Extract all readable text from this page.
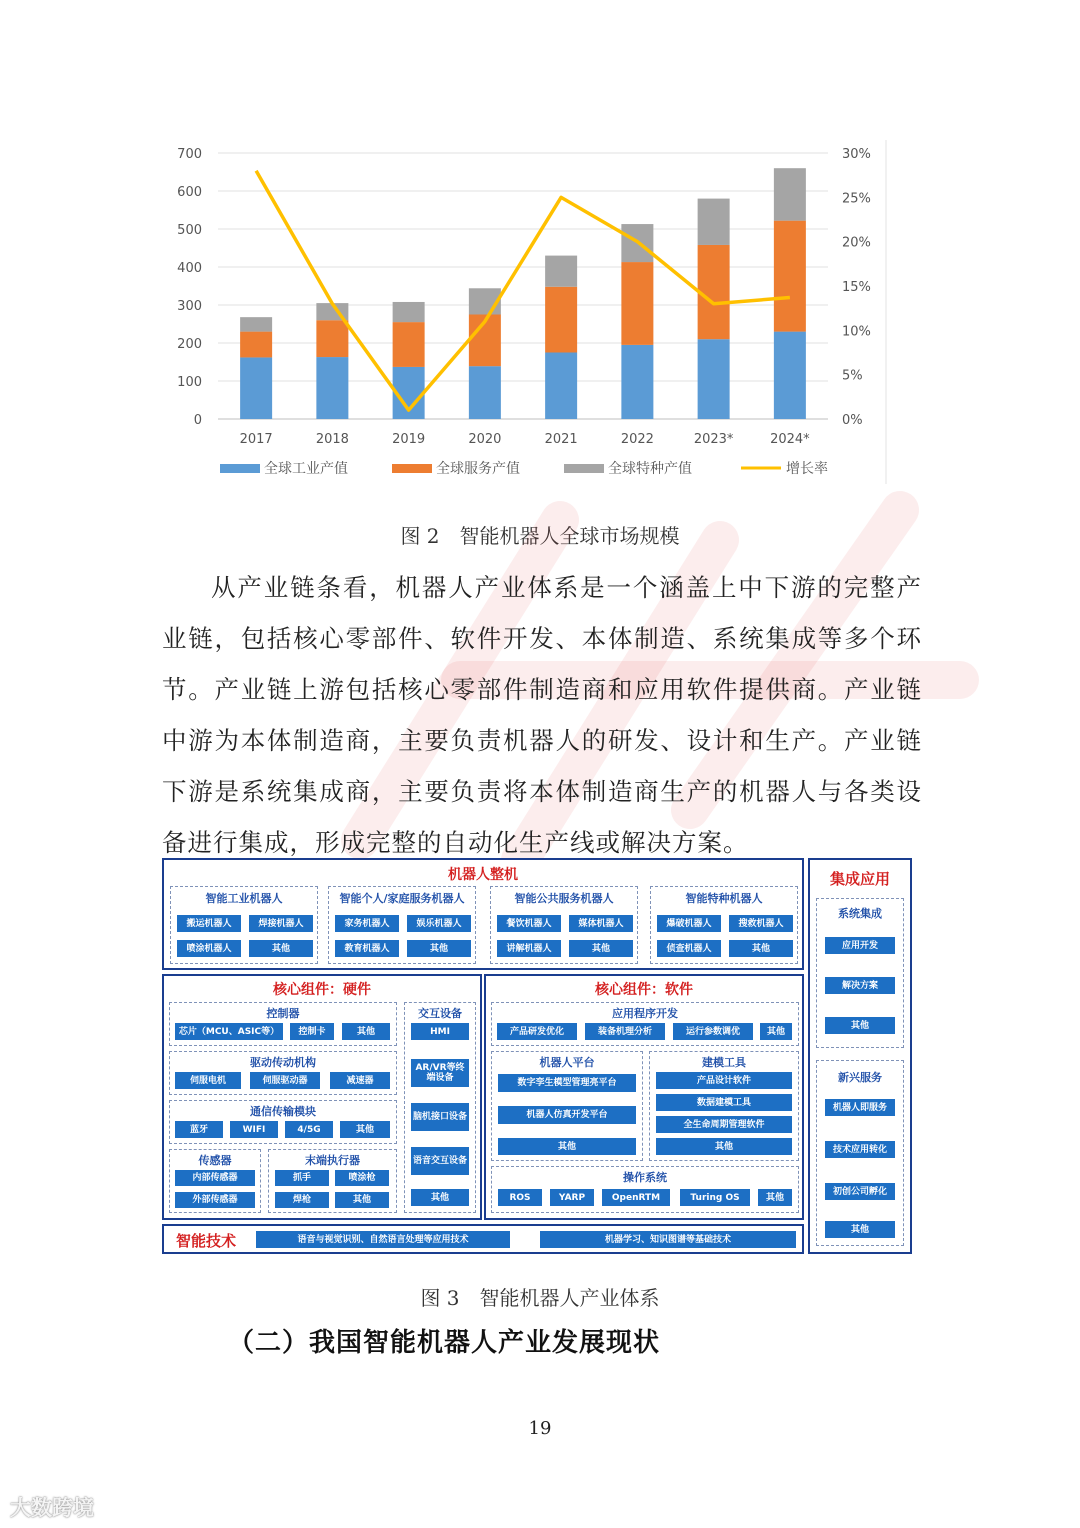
0
100
200
300
400
500
600
700
0%
5%
10%
15%
20%
25%
30%
2017	2018	2019	2020	2021	2022	2023*	2024*
全球工业产值	全球服务产值	全球特种产值	增长率
图 2　智能机器人全球市场规模

从产业链条看，机器人产业体系是一个涵盖上中下游的完整产业链，包括核心零部件、软件开发、本体制造、系统集成等多个环节。产业链上游包括核心零部件制造商和应用软件提供商。产业链中游为本体制造商，主要负责机器人的研发、设计和生产。产业链下游是系统集成商，主要负责将本体制造商生产的机器人与各类设备进行集成，形成完整的自动化生产线或解决方案。

机器人整机
智能工业机器人
搬运机器人	焊接机器人
喷涂机器人	其他
智能个人/家庭服务机器人
家务机器人	娱乐机器人
教育机器人	其他
智能公共服务机器人
餐饮机器人	媒体机器人
讲解机器人	其他
智能特种机器人
爆破机器人	搜救机器人
侦查机器人	其他
核心组件：硬件
控制器
芯片（MCU、ASIC等）	控制卡	其他
驱动传动机构
伺服电机	伺服驱动器	减速器
通信传输模块
蓝牙	WIFI	4/5G	其他
传感器
内部传感器
外部传感器
末端执行器
抓手	喷涂枪
焊枪	其他
交互设备
HMI
AR/VR等终端设备
脑机接口设备
语音交互设备
其他
核心组件：软件
应用程序开发
产品研发优化	装备机理分析	运行参数调优	其他
机器人平台
数字孪生模型管理亮平台
机器人仿真开发平台
其他
建模工具
产品设计软件
数据建模工具
全生命周期管理软件
其他
操作系统
ROS	YARP	OpenRTM	Turing OS	其他
智能技术	语音与视觉识别、自然语言处理等应用技术	机器学习、知识图谱等基础技术
集成应用
系统集成
应用开发
解决方案
其他
新兴服务
机器人即服务
技术应用转化
初创公司孵化
其他
图 3　智能机器人产业体系
（二）我国智能机器人产业发展现状
19
大数跨境
